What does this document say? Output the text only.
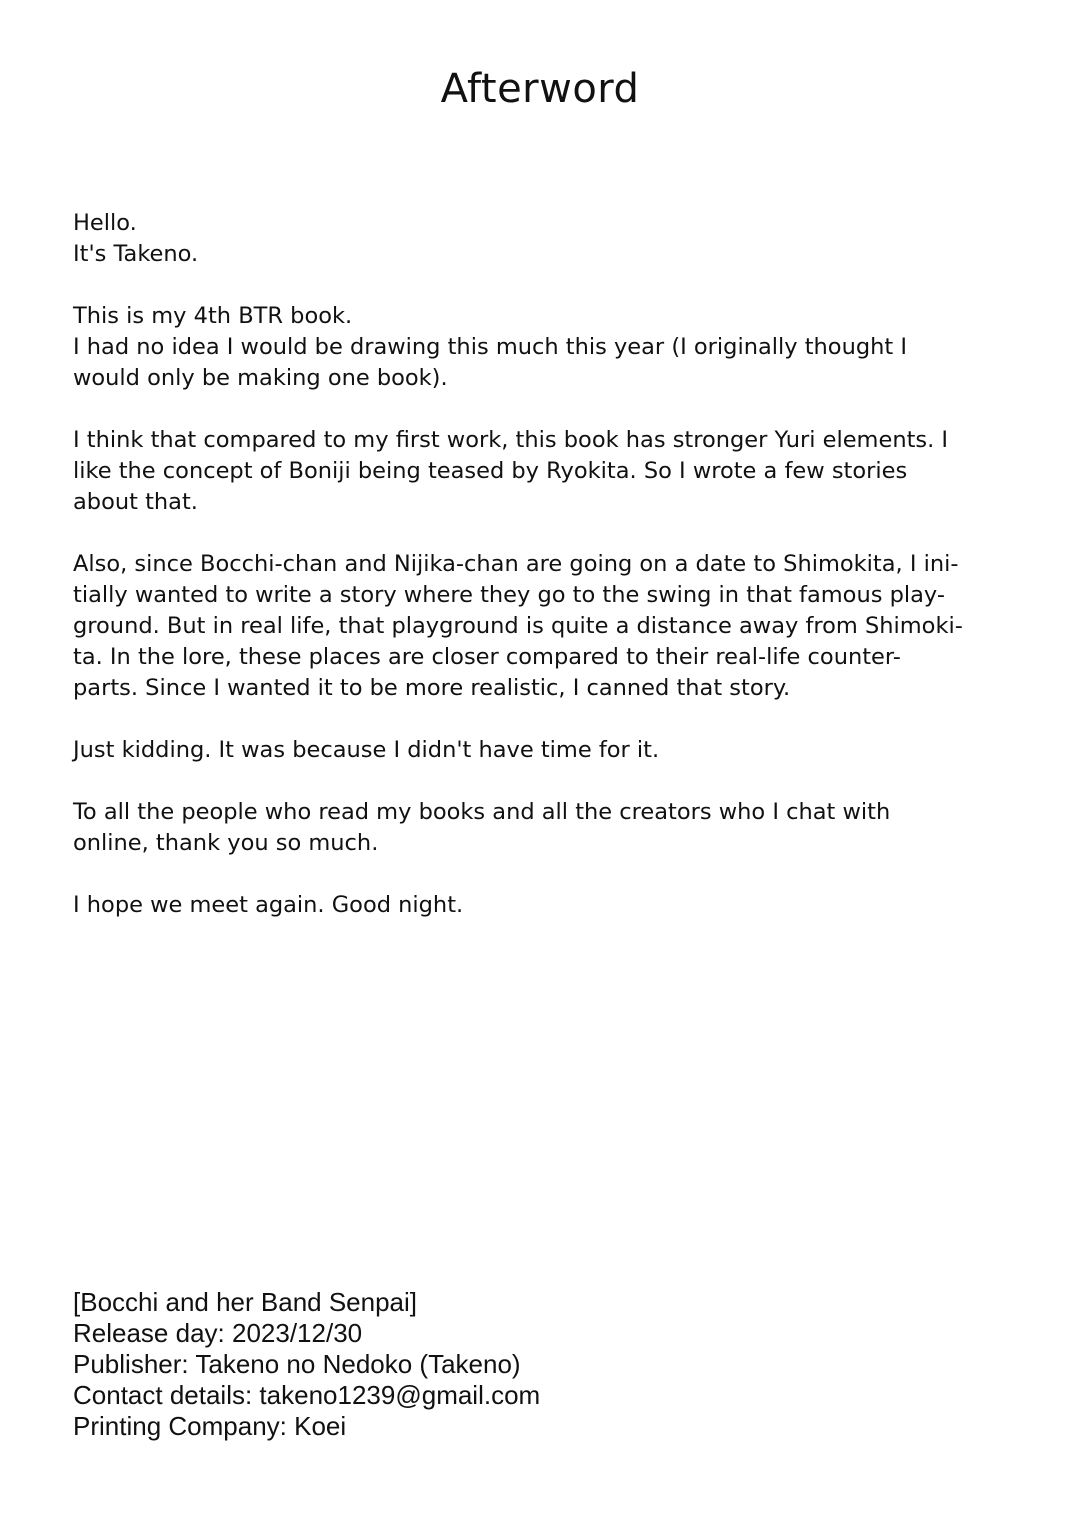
Afterword

Hello.
It's Takeno.

This is my 4th BTR book.
I had no idea I would be drawing this much this year (I originally thought I
would only be making one book).

I think that compared to my first work, this book has stronger Yuri elements. I
like the concept of Boniji being teased by Ryokita. So I wrote a few stories
about that.

Also, since Bocchi-chan and Nijika-chan are going on a date to Shimokita, I ini-
tially wanted to write a story where they go to the swing in that famous play-
ground. But in real life, that playground is quite a distance away from Shimoki-
ta. In the lore, these places are closer compared to their real-life counter-
parts. Since I wanted it to be more realistic, I canned that story.

Just kidding. It was because I didn't have time for it.

To all the people who read my books and all the creators who I chat with
online, thank you so much.

I hope we meet again. Good night.

[Bocchi and her Band Senpai]
Release day: 2023/12/30
Publisher: Takeno no Nedoko (Takeno)
Contact details: takeno1239@gmail.com
Printing Company: Koei
